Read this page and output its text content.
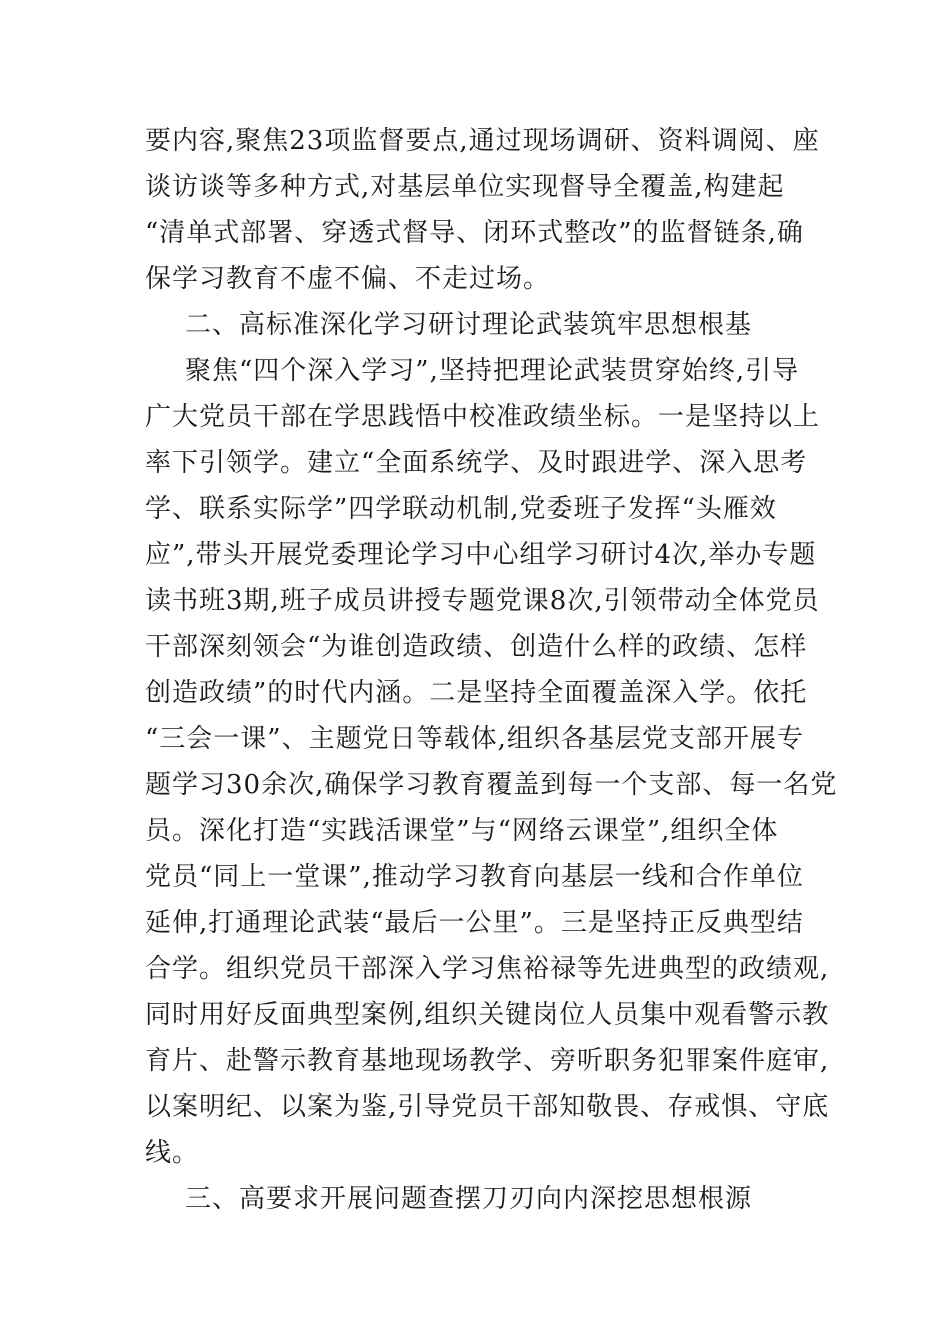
要内容,聚焦23项监督要点,通过现场调研、资料调阅、座
谈访谈等多种方式,对基层单位实现督导全覆盖,构建起
“清单式部署、穿透式督导、闭环式整改”的监督链条,确
保学习教育不虚不偏、不走过场。
二、高标准深化学习研讨理论武装筑牢思想根基
聚焦“四个深入学习”,坚持把理论武装贯穿始终,引导
广大党员干部在学思践悟中校准政绩坐标。一是坚持以上
率下引领学。建立“全面系统学、及时跟进学、深入思考
学、联系实际学”四学联动机制,党委班子发挥“头雁效
应”,带头开展党委理论学习中心组学习研讨4次,举办专题
读书班3期,班子成员讲授专题党课8次,引领带动全体党员
干部深刻领会“为谁创造政绩、创造什么样的政绩、怎样
创造政绩”的时代内涵。二是坚持全面覆盖深入学。依托
“三会一课”、主题党日等载体,组织各基层党支部开展专
题学习30余次,确保学习教育覆盖到每一个支部、每一名党
员。深化打造“实践活课堂”与“网络云课堂”,组织全体
党员“同上一堂课”,推动学习教育向基层一线和合作单位
延伸,打通理论武装“最后一公里”。三是坚持正反典型结
合学。组织党员干部深入学习焦裕禄等先进典型的政绩观,
同时用好反面典型案例,组织关键岗位人员集中观看警示教
育片、赴警示教育基地现场教学、旁听职务犯罪案件庭审,
以案明纪、以案为鉴,引导党员干部知敬畏、存戒惧、守底
线。
三、高要求开展问题查摆刀刃向内深挖思想根源
